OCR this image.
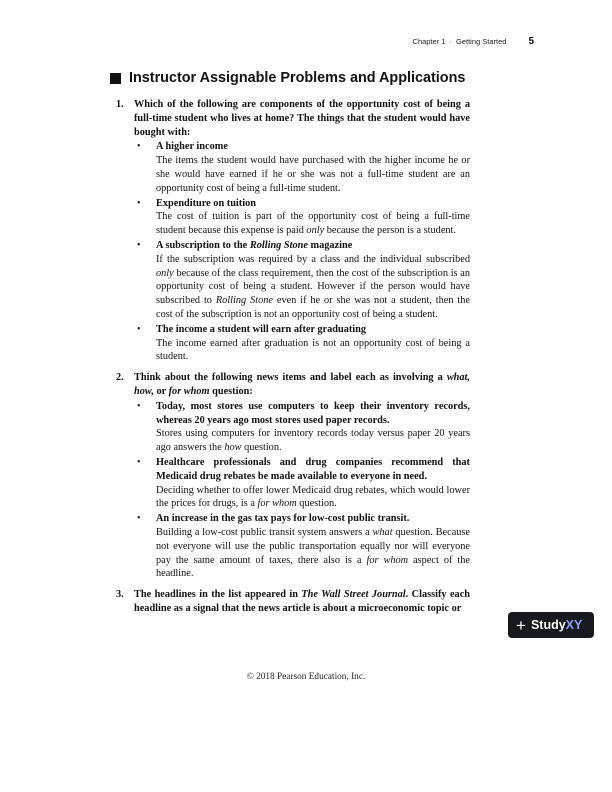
Chapter 1 · Getting Started 5
Instructor Assignable Problems and Applications
1. Which of the following are components of the opportunity cost of being a full-time student who lives at home? The things that the student would have bought with:
• A higher income
The items the student would have purchased with the higher income he or she would have earned if he or she was not a full-time student are an opportunity cost of being a full-time student.
• Expenditure on tuition
The cost of tuition is part of the opportunity cost of being a full-time student because this expense is paid only because the person is a student.
• A subscription to the Rolling Stone magazine
If the subscription was required by a class and the individual subscribed only because of the class requirement, then the cost of the subscription is an opportunity cost of being a student. However if the person would have subscribed to Rolling Stone even if he or she was not a student, then the cost of the subscription is not an opportunity cost of being a student.
• The income a student will earn after graduating
The income earned after graduation is not an opportunity cost of being a student.
2. Think about the following news items and label each as involving a what, how, or for whom question:
• Today, most stores use computers to keep their inventory records, whereas 20 years ago most stores used paper records.
Stores using computers for inventory records today versus paper 20 years ago answers the how question.
• Healthcare professionals and drug companies recommend that Medicaid drug rebates be made available to everyone in need.
Deciding whether to offer lower Medicaid drug rebates, which would lower the prices for drugs, is a for whom question.
• An increase in the gas tax pays for low-cost public transit.
Building a low-cost public transit system answers a what question. Because not everyone will use the public transportation equally nor will everyone pay the same amount of taxes, there also is a for whom aspect of the headline.
3. The headlines in the list appeared in The Wall Street Journal. Classify each headline as a signal that the news article is about a microeconomic topic or
+ StudyXY
© 2018 Pearson Education, Inc.
